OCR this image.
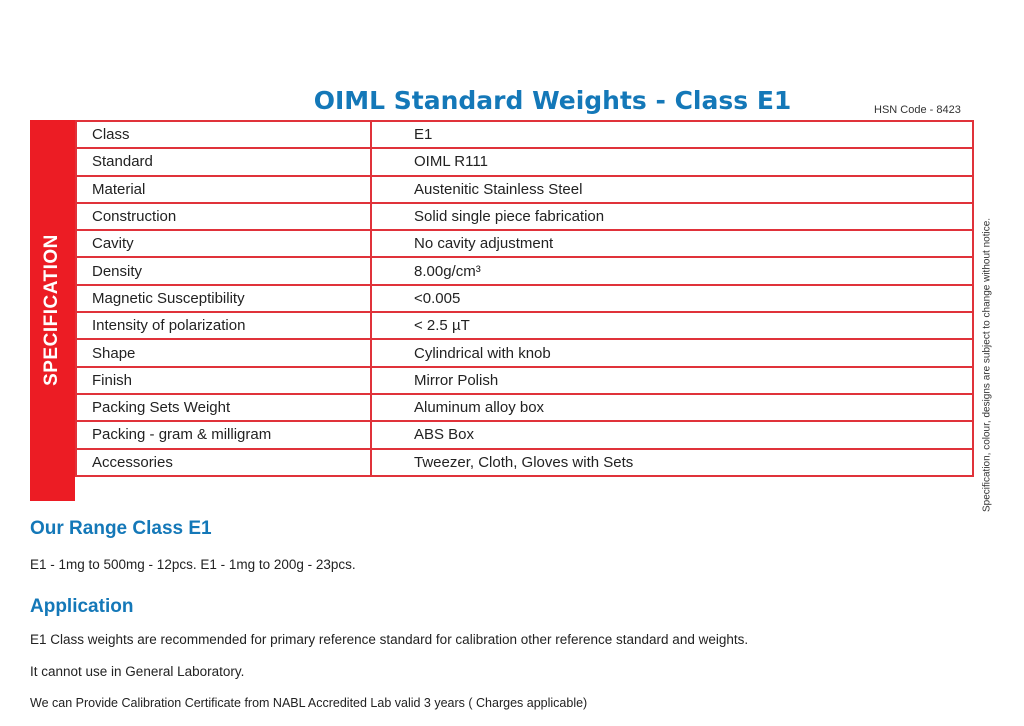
OIML Standard Weights - Class E1	HSN Code - 8423
SPECIFICATION
Class	E1
Standard	OIML R111
Material	Austenitic Stainless Steel
Construction	Solid single piece fabrication
Cavity	No cavity adjustment
Density	8.00g/cm³
Magnetic Susceptibility	<0.005
Intensity of polarization	< 2.5 µT
Shape	Cylindrical with knob
Finish	Mirror Polish
Packing Sets Weight	Aluminum alloy box
Packing - gram & milligram	ABS Box
Accessories	Tweezer, Cloth, Gloves with Sets	Specification, colour, designs are subject to change without notice.
Our Range Class E1
E1 - 1mg to 500mg - 12pcs. E1 - 1mg to 200g - 23pcs.
Application
E1 Class weights are recommended for primary reference standard for calibration other reference standard and weights.
It cannot use in General Laboratory.
We can Provide Calibration Certificate from NABL Accredited Lab valid 3 years ( Charges applicable)
